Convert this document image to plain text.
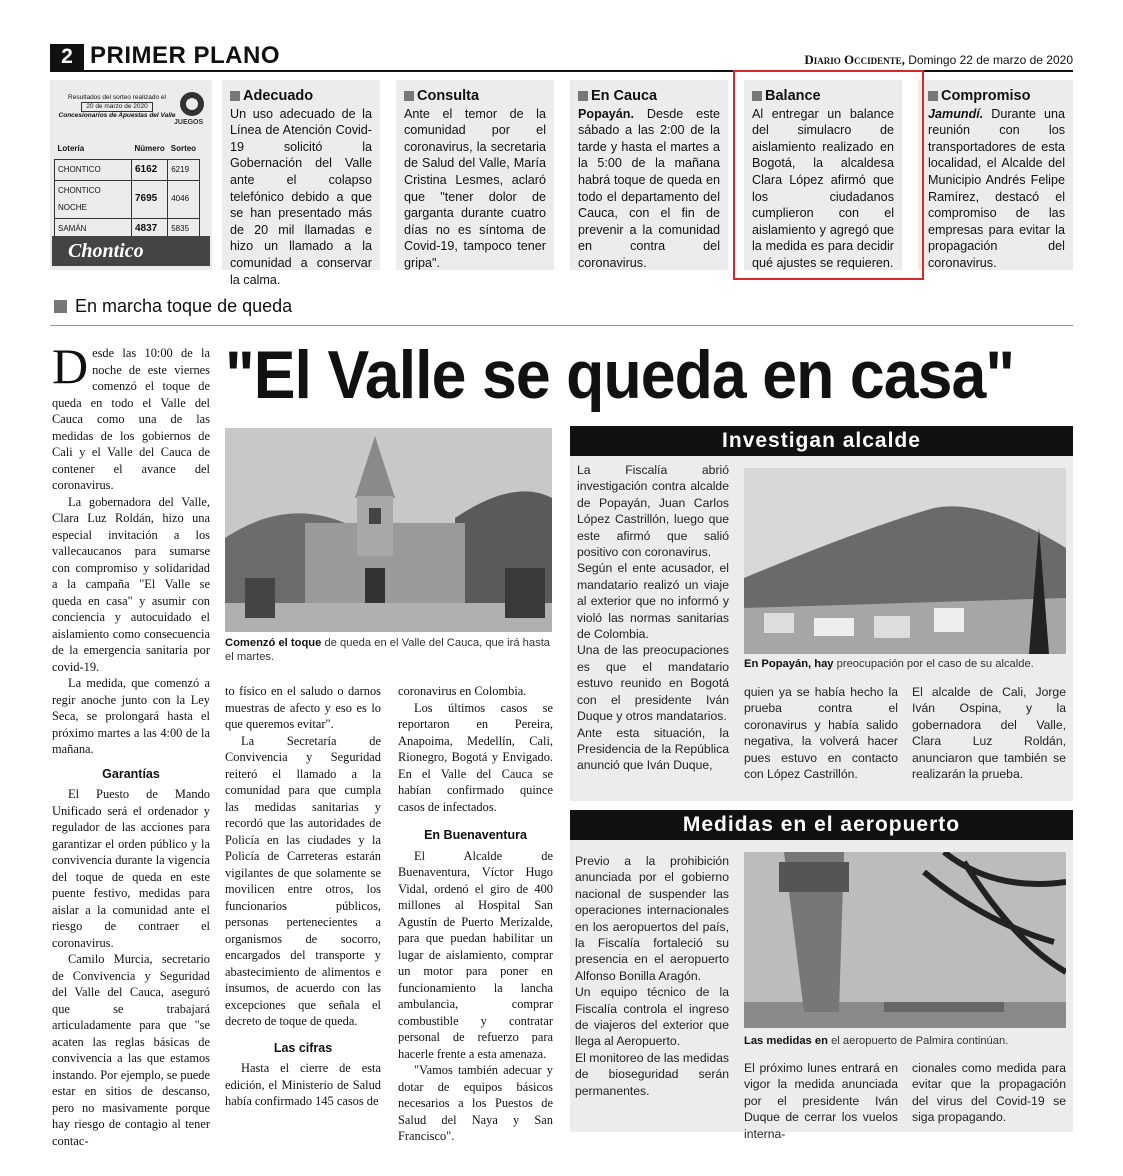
2 PRIMER PLANO	Diario Occidente, Domingo 22 de marzo de 2020
Resultados del sorteo realizado el
20 de marzo de 2020
Concesionarios de Apuestas del Valle
JUEGOS
Lotería	Número	Sorteo
CHONTICO	6162	6219
CHONTICO NOCHE	7695	4046
SAMÁN	4837	5835
Chontico
Adecuado

Un uso adecuado de la Línea de Atención Covid-19 solicitó la Gobernación del Valle ante el colapso telefónico debido a que se han presentado más de 20 mil llamadas e hizo un llamado a la comunidad a conservar la calma.

Consulta

Ante el temor de la comunidad por el coronavirus, la secretaria de Salud del Valle, María Cristina Lesmes, aclaró que "tener dolor de garganta durante cuatro días no es síntoma de Covid-19, tampoco tener gripa".

En Cauca

Popayán. Desde este sábado a las 2:00 de la tarde y hasta el martes a la 5:00 de la mañana habrá toque de queda en todo el departamento del Cauca, con el fin de prevenir a la comunidad en contra del coronavirus.

Balance

Al entregar un balance del simulacro de aislamiento realizado en Bogotá, la alcaldesa Clara López afirmó que los ciudadanos cumplieron con el aislamiento y agregó que la medida es para decidir qué ajustes se requieren.

Compromiso

Jamundí. Durante una reunión con los transportadores de esta localidad, el Alcalde del Municipio Andrés Felipe Ramírez, destacó el compromiso de las empresas para evitar la propagación del coronavirus.

En marcha toque de queda
"El Valle se queda en casa"

Desde las 10:00 de la noche de este viernes comenzó el toque de queda en todo el Valle del Cauca como una de las medidas de los gobiernos de Cali y el Valle del Cauca de contener el avance del coronavirus.

La gobernadora del Valle, Clara Luz Roldán, hizo una especial invitación a los vallecaucanos para sumarse con compromiso y solidaridad a la campaña "El Valle se queda en casa" y asumir con conciencia y autocuidado el aislamiento como consecuencia de la emergencia sanitaria por covid-19.

La medida, que comenzó a regir anoche junto con la Ley Seca, se prolongará hasta el próximo martes a las 4:00 de la mañana.

Garantías

El Puesto de Mando Unificado será el ordenador y regulador de las acciones para garantizar el orden público y la convivencia durante la vigencia del toque de queda en este puente festivo, medidas para aislar a la comunidad ante el riesgo de contraer el coronavirus.

Camilo Murcia, secretario de Convivencia y Seguridad del Valle del Cauca, aseguró que se trabajará articuladamente para que "se acaten las reglas básicas de convivencia a las que estamos instando. Por ejemplo, se puede estar en sitios de descanso, pero no masivamente porque hay riesgo de contagio al tener contac-

Comenzó el toque de queda en el Valle del Cauca, que irá hasta el martes.

to físico en el saludo o darnos muestras de afecto y eso es lo que queremos evitar".

La Secretaría de Convivencia y Seguridad reiteró el llamado a la comunidad para que cumpla las medidas sanitarias y recordó que las autoridades de Policía en las ciudades y la Policía de Carreteras estarán vigilantes de que solamente se movilicen entre otros, los funcionarios públicos, personas pertenecientes a organismos de socorro, encargados del transporte y abastecimiento de alimentos e insumos, de acuerdo con las excepciones que señala el decreto de toque de queda.

Las cifras

Hasta el cierre de esta edición, el Ministerio de Salud había confirmado 145 casos de

coronavirus en Colombia.

Los últimos casos se reportaron en Pereira, Anapoima, Medellín, Cali, Rionegro, Bogotá y Envigado. En el Valle del Cauca se habían confirmado quince casos de infectados.

En Buenaventura

El Alcalde de Buenaventura, Víctor Hugo Vidal, ordenó el giro de 400 millones al Hospital San Agustín de Puerto Merizalde, para que puedan habilitar un lugar de aislamiento, comprar un motor para poner en funcionamiento la lancha ambulancia, comprar combustible y contratar personal de refuerzo para hacerle frente a esta amenaza.

"Vamos también adecuar y dotar de equipos básicos necesarios a los Puestos de Salud del Naya y San Francisco".

Investigan alcalde

La Fiscalía abrió investigación contra alcalde de Popayán, Juan Carlos López Castrillón, luego que este afirmó que salió positivo con coronavirus.

Según el ente acusador, el mandatario realizó un viaje al exterior que no informó y violó las normas sanitarias de Colombia.

Una de las preocupaciones es que el mandatario estuvo reunido en Bogotá con el presidente Iván Duque y otros mandatarios.

Ante esta situación, la Presidencia de la República anunció que Iván Duque,

En Popayán, hay preocupación por el caso de su alcalde.
quien ya se había hecho la prueba contra el coronavirus y había salido negativa, la volverá hacer pues estuvo en contacto con López Castrillón.
El alcalde de Cali, Jorge Iván Ospina, y la gobernadora del Valle, Clara Luz Roldán, anunciaron que también se realizarán la prueba.
Medidas en el aeropuerto

Previo a la prohibición anunciada por el gobierno nacional de suspender las operaciones internacionales en los aeropuertos del país, la Fiscalía fortaleció su presencia en el aeropuerto Alfonso Bonilla Aragón.

Un equipo técnico de la Fiscalía controla el ingreso de viajeros del exterior que llega al Aeropuerto.

El monitoreo de las medidas de bioseguridad serán permanentes.

Las medidas en el aeropuerto de Palmira continúan.
El próximo lunes entrará en vigor la medida anunciada por el presidente Iván Duque de cerrar los vuelos interna-
cionales como medida para evitar que la propagación del virus del Covid-19 se siga propagando.
